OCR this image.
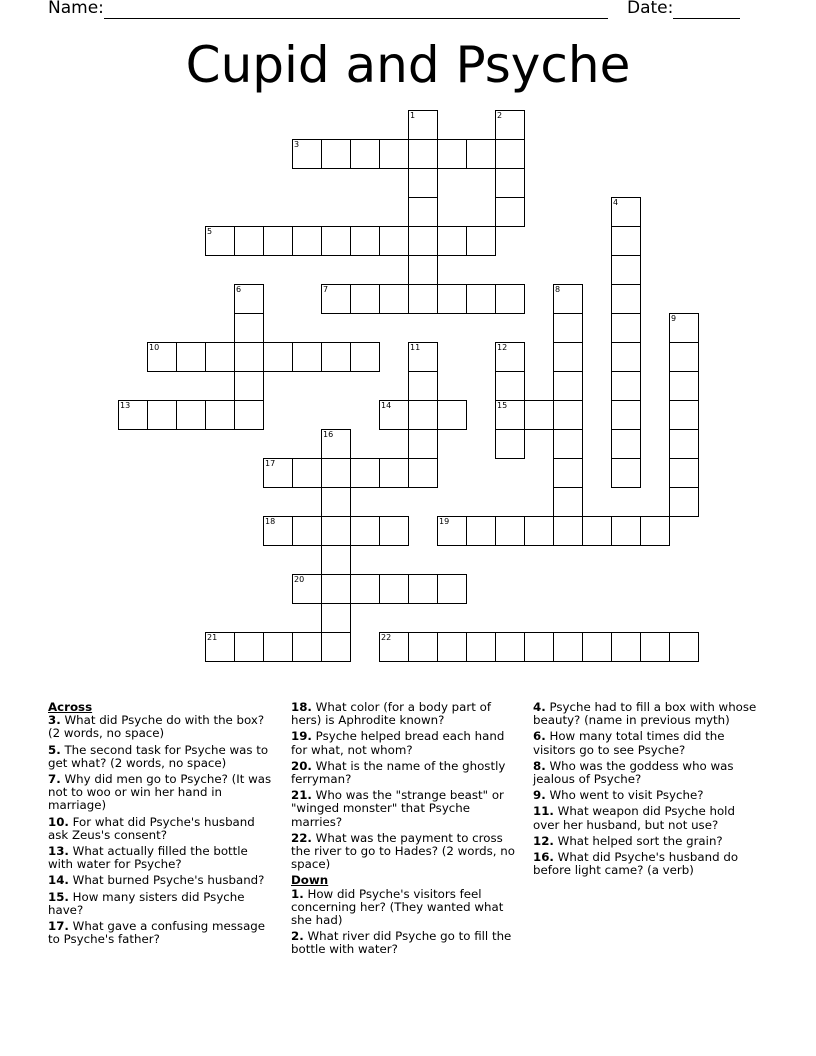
Name:	Date:
Cupid and Psyche
1	2
3
4
5
6	7	8
9
10	11	12
13	14	15
16
17
18	19
20
21	22
Across
3. What did Psyche do with the box? (2 words, no space)
5. The second task for Psyche was to get what? (2 words, no space)
7. Why did men go to Psyche? (It was not to woo or win her hand in marriage)
10. For what did Psyche's husband ask Zeus's consent?
13. What actually filled the bottle with water for Psyche?
14. What burned Psyche's husband?
15. How many sisters did Psyche have?
17. What gave a confusing message to Psyche's father?
18. What color (for a body part of hers) is Aphrodite known?
19. Psyche helped bread each hand for what, not whom?
20. What is the name of the ghostly ferryman?
21. Who was the "strange beast" or "winged monster" that Psyche marries?
22. What was the payment to cross the river to go to Hades? (2 words, no space)
Down
1. How did Psyche's visitors feel concerning her? (They wanted what she had)
2. What river did Psyche go to fill the bottle with water?
4. Psyche had to fill a box with whose beauty? (name in previous myth)
6. How many total times did the visitors go to see Psyche?
8. Who was the goddess who was jealous of Psyche?
9. Who went to visit Psyche?
11. What weapon did Psyche hold over her husband, but not use?
12. What helped sort the grain?
16. What did Psyche's husband do before light came? (a verb)
